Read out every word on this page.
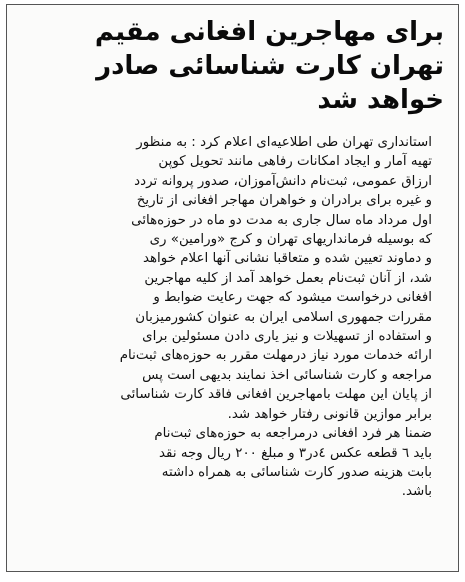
برای مهاجرین افغانی مقیم
تهران کارت شناسائی صادر
خواهد شد

استانداری تهران طی اطلاعیه‌ای اعلام کرد : به منظور
تهیه آمار و ایجاد امکانات رفاهی مانند تحویل کوپن
ارزاق عمومی، ثبت‌نام دانش‌آموزان، صدور پروانه تردد
و غیره برای برادران و خواهران مهاجر افغانی از تاریخ
اول مرداد ماه سال جاری به مدت دو ماه در حوزه‌هائی
که بوسیله فرمانداریهای تهران و کرج «ورامین» ری
و دماوند تعیین شده و متعاقبا نشانی آنها اعلام خواهد
شد، از آنان ثبت‌نام بعمل خواهد آمد از کلیه مهاجرین
افغانی درخواست میشود که جهت رعایت ضوابط و
مقررات جمهوری اسلامی ایران به عنوان کشورمیزبان
و استفاده از تسهیلات و نیز یاری دادن مسئولین برای
ارائه خدمات مورد نیاز درمهلت مقرر به حوزه‌های ثبت‌نام
مراجعه و کارت شناسائی اخذ نمایند بدیهی است پس
از پایان این مهلت بامهاجرین افغانی فاقد کارت شناسائی
برابر موازین قانونی رفتار خواهد شد.

ضمنا هر فرد افغانی درمراجعه به حوزه‌های ثبت‌نام
باید ٦ قطعه عکس ٤در٣ و مبلغ ٢٠٠ ریال وجه نقد
بابت هزینه صدور کارت شناسائی به همراه داشته
باشد.
